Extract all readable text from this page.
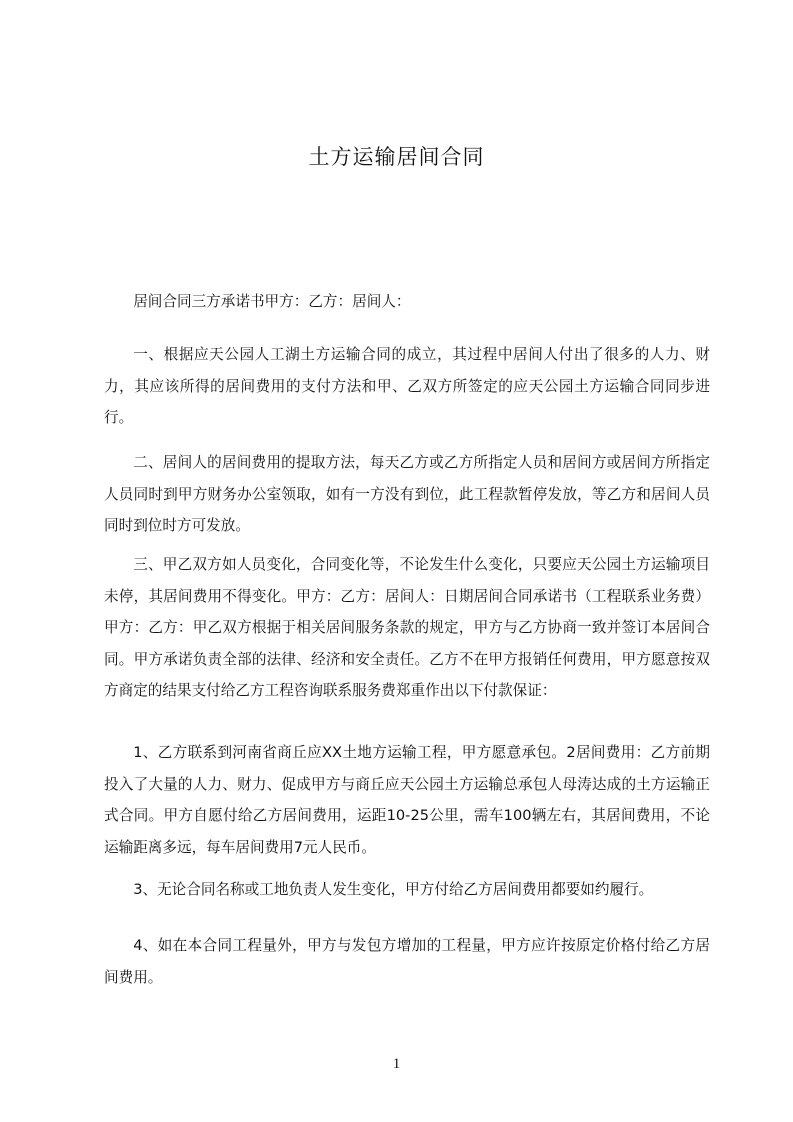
土方运输居间合同

居间合同三方承诺书甲方：乙方：居间人：

一、根据应天公园人工湖土方运输合同的成立，其过程中居间人付出了很多的人力、财力，其应该所得的居间费用的支付方法和甲、乙双方所签定的应天公园土方运输合同同步进行。

二、居间人的居间费用的提取方法，每天乙方或乙方所指定人员和居间方或居间方所指定人员同时到甲方财务办公室领取，如有一方没有到位，此工程款暂停发放，等乙方和居间人员同时到位时方可发放。

三、甲乙双方如人员变化，合同变化等，不论发生什么变化，只要应天公园土方运输项目未停，其居间费用不得变化。甲方：乙方：居间人：日期居间合同承诺书（工程联系业务费）甲方：乙方：甲乙双方根据于相关居间服务条款的规定，甲方与乙方协商一致并签订本居间合同。甲方承诺负责全部的法律、经济和安全责任。乙方不在甲方报销任何费用，甲方愿意按双方商定的结果支付给乙方工程咨询联系服务费郑重作出以下付款保证：

1、乙方联系到河南省商丘应XX土地方运输工程，甲方愿意承包。2居间费用：乙方前期投入了大量的人力、财力、促成甲方与商丘应天公园土方运输总承包人母涛达成的土方运输正式合同。甲方自愿付给乙方居间费用，运距10-25公里，需车100辆左右，其居间费用，不论运输距离多远，每车居间费用7元人民币。

3、无论合同名称或工地负责人发生变化，甲方付给乙方居间费用都要如约履行。

4、如在本合同工程量外，甲方与发包方增加的工程量，甲方应许按原定价格付给乙方居间费用。

1
